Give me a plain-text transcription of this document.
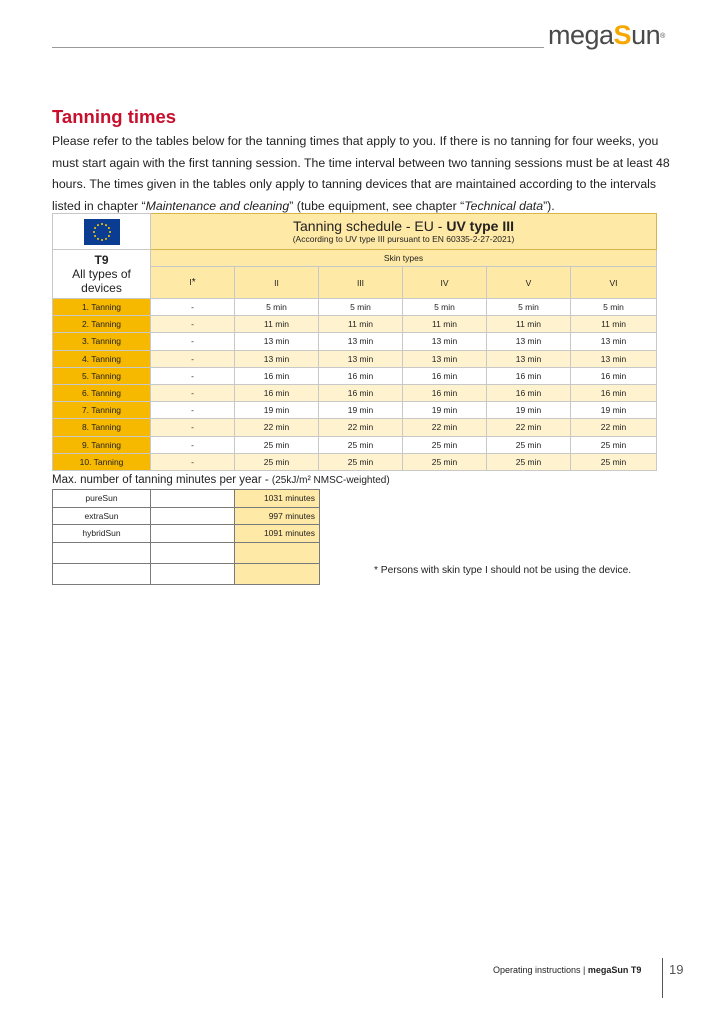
megaSun®
Tanning times

Please refer to the tables below for the tanning times that apply to you. If there is no tanning for four weeks, you

must start again with the first tanning session. The time interval between two tanning sessions must be at least 48

hours. The times given in the tables only apply to tanning devices that are maintained according to the intervals

listed in chapter “Maintenance and cleaning” (tube equipment, see chapter “Technical data”).

Tanning schedule - EU - UV type III
(According to UV type III pursuant to EN 60335-2-27-2021)					

T9
All types of devices	Skin types					
	I*	II	III	IV	V	VI
1. Tanning	-	5 min	5 min	5 min	5 min	5 min
2. Tanning	-	11 min	11 min	11 min	11 min	11 min
3. Tanning	-	13 min	13 min	13 min	13 min	13 min
4. Tanning	-	13 min	13 min	13 min	13 min	13 min
5. Tanning	-	16 min	16 min	16 min	16 min	16 min
6. Tanning	-	16 min	16 min	16 min	16 min	16 min
7. Tanning	-	19 min	19 min	19 min	19 min	19 min
8. Tanning	-	22 min	22 min	22 min	22 min	22 min
9. Tanning	-	25 min	25 min	25 min	25 min	25 min
10. Tanning	-	25 min	25 min	25 min	25 min	25 min
Max. number of tanning minutes per year - (25kJ/m² NMSC-weighted)
pureSun		1031 minutes
extraSun		997 minutes
hybridSun		1091 minutes

* Persons with skin type I should not be using the device.
Operating instructions | megaSun T9 19
